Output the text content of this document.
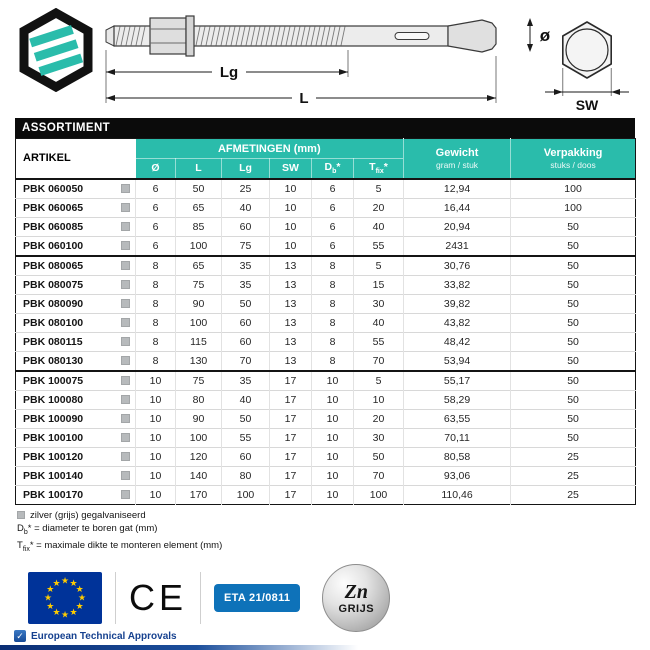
Lg
L
ø
SW
ASSORTIMENT
ARTIKEL	AFMETINGEN (mm)	Gewicht
gram / stuk

Verpakking
stuks / doos

	Ø	L	Lg	SW	$D_b*$	$T_{fix}*$		

PBK 060050	6	50	25	10	6	5	12,94	100

PBK 060065	6	65	40	10	6	20	16,44	100

PBK 060085	6	85	60	10	6	40	20,94	50

PBK 060100	6	100	75	10	6	55	2431	50

PBK 080065	8	65	35	13	8	5	30,76	50

PBK 080075	8	75	35	13	8	15	33,82	50

PBK 080090	8	90	50	13	8	30	39,82	50

PBK 080100	8	100	60	13	8	40	43,82	50

PBK 080115	8	115	60	13	8	55	48,42	50

PBK 080130	8	130	70	13	8	70	53,94	50

PBK 100075	10	75	35	17	10	5	55,17	50

PBK 100080	10	80	40	17	10	10	58,29	50

PBK 100090	10	90	50	17	10	20	63,55	50

PBK 100100	10	100	55	17	10	30	70,11	50

PBK 100120	10	120	60	17	10	50	80,58	25

PBK 100140	10	140	80	17	10	70	93,06	25

PBK 100170	10	170	100	17	10	100	110,46	25
zilver (grijs) gegalvaniseerd
$D_b*$ = diameter te boren gat (mm)
$T_{fix}*$ = maximale dikte te monteren element (mm)
★ ★
★
★
★
★
★
★
★
★
★
★ CE	ETA 21/0811	Zn
GRIJS
✓ European Technical Approvals
